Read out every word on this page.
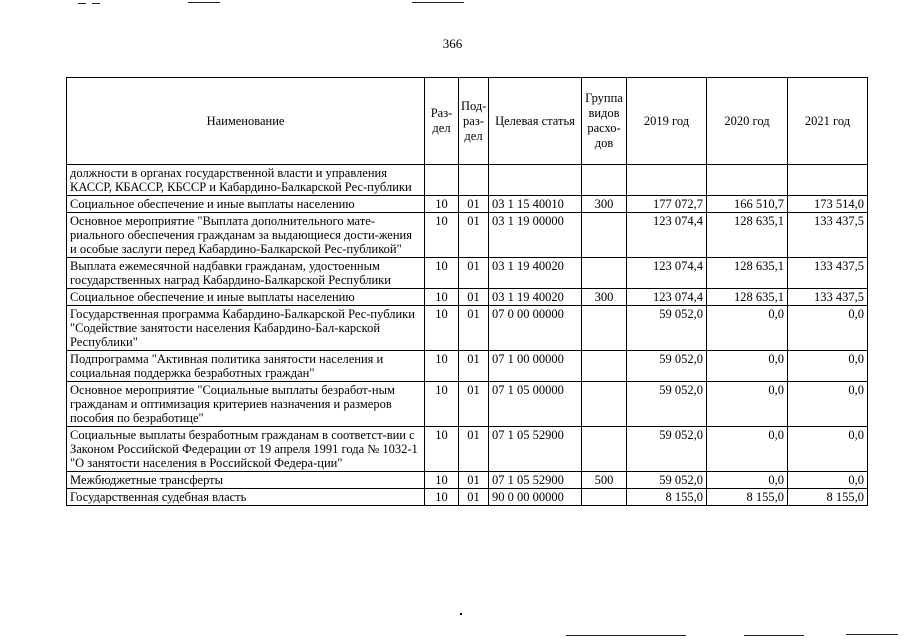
366
Наименование	Раз-дел	Под-раз-дел	Целевая статья	Группа видов расхо-дов	2019 год	2020 год	2021 год
должности в органах государственной власти и управления КАССР, КБАССР, КБССР и Кабардино-Балкарской Рес-публики							
Социальное обеспечение и иные выплаты населению	10	01	03 1 15 40010	300	177 072,7	166 510,7	173 514,0
Основное мероприятие "Выплата дополнительного мате-риального обеспечения гражданам за выдающиеся дости-жения и особые заслуги перед Кабардино-Балкарской Рес-публикой"	10	01	03 1 19 00000		123 074,4	128 635,1	133 437,5
Выплата ежемесячной надбавки гражданам, удостоенным государственных наград Кабардино-Балкарской Республики	10	01	03 1 19 40020		123 074,4	128 635,1	133 437,5
Социальное обеспечение и иные выплаты населению	10	01	03 1 19 40020	300	123 074,4	128 635,1	133 437,5
Государственная программа Кабардино-Балкарской Рес-публики "Содействие занятости населения Кабардино-Бал-карской Республики"	10	01	07 0 00 00000		59 052,0	0,0	0,0
Подпрограмма "Активная политика занятости населения и социальная поддержка безработных граждан"	10	01	07 1 00 00000		59 052,0	0,0	0,0
Основное мероприятие "Социальные выплаты безработ-ным гражданам и оптимизация критериев назначения и размеров пособия по безработице"	10	01	07 1 05 00000		59 052,0	0,0	0,0
Социальные выплаты безработным гражданам в соответст-вии с Законом Российской Федерации от 19 апреля 1991 года № 1032-1 "О занятости населения в Российской Федера-ции"	10	01	07 1 05 52900		59 052,0	0,0	0,0
Межбюджетные трансферты	10	01	07 1 05 52900	500	59 052,0	0,0	0,0
Государственная судебная власть	10	01	90 0 00 00000		8 155,0	8 155,0	8 155,0
